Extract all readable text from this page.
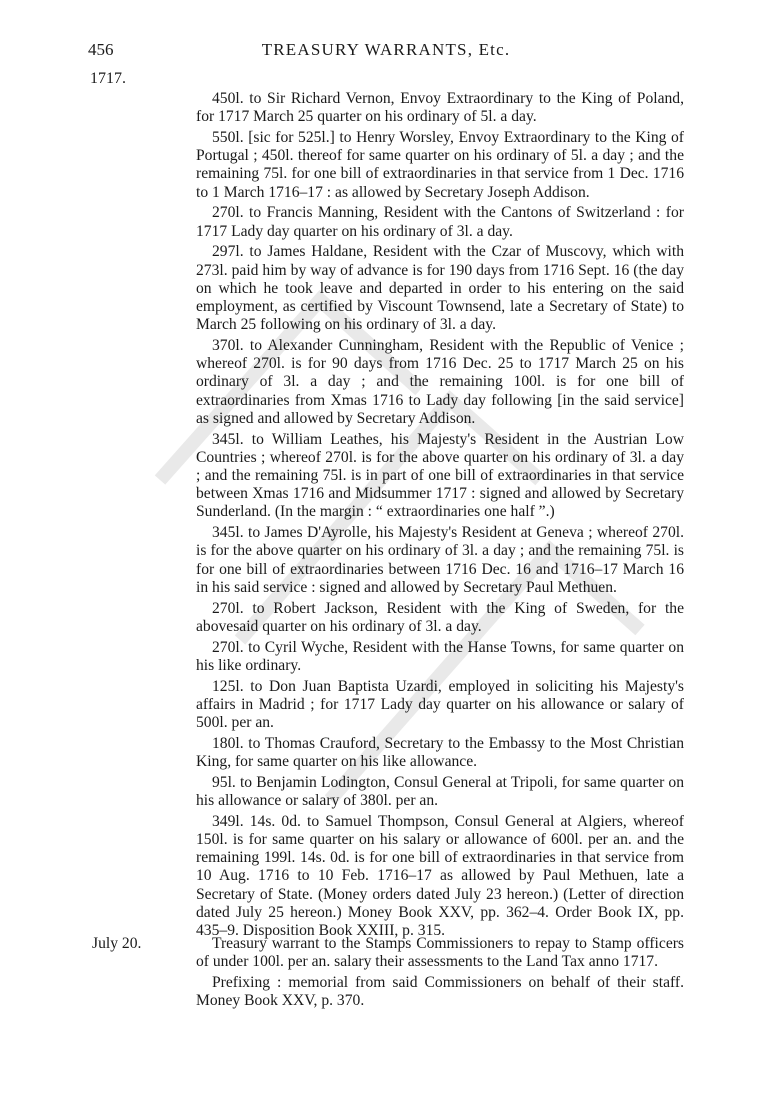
456	TREASURY WARRANTS, Etc.
1717.

450l. to Sir Richard Vernon, Envoy Extraordinary to the King of Poland, for 1717 March 25 quarter on his ordinary of 5l. a day.

550l. [sic for 525l.] to Henry Worsley, Envoy Extraordinary to the King of Portugal ; 450l. thereof for same quarter on his ordinary of 5l. a day ; and the remaining 75l. for one bill of extraordinaries in that service from 1 Dec. 1716 to 1 March 1716–17 : as allowed by Secretary Joseph Addison.

270l. to Francis Manning, Resident with the Cantons of Switzerland : for 1717 Lady day quarter on his ordinary of 3l. a day.

297l. to James Haldane, Resident with the Czar of Muscovy, which with 273l. paid him by way of advance is for 190 days from 1716 Sept. 16 (the day on which he took leave and departed in order to his entering on the said employment, as certified by Viscount Townsend, late a Secretary of State) to March 25 following on his ordinary of 3l. a day.

370l. to Alexander Cunningham, Resident with the Republic of Venice ; whereof 270l. is for 90 days from 1716 Dec. 25 to 1717 March 25 on his ordinary of 3l. a day ; and the remaining 100l. is for one bill of extraordinaries from Xmas 1716 to Lady day following [in the said service] as signed and allowed by Secretary Addison.

345l. to William Leathes, his Majesty's Resident in the Austrian Low Countries ; whereof 270l. is for the above quarter on his ordinary of 3l. a day ; and the remaining 75l. is in part of one bill of extraordinaries in that service between Xmas 1716 and Midsummer 1717 : signed and allowed by Secretary Sunderland. (In the margin : “ extraordinaries one half ”.)

345l. to James D'Ayrolle, his Majesty's Resident at Geneva ; whereof 270l. is for the above quarter on his ordinary of 3l. a day ; and the remaining 75l. is for one bill of extraordinaries between 1716 Dec. 16 and 1716–17 March 16 in his said service : signed and allowed by Secretary Paul Methuen.

270l. to Robert Jackson, Resident with the King of Sweden, for the abovesaid quarter on his ordinary of 3l. a day.

270l. to Cyril Wyche, Resident with the Hanse Towns, for same quarter on his like ordinary.

125l. to Don Juan Baptista Uzardi, employed in soliciting his Majesty's affairs in Madrid ; for 1717 Lady day quarter on his allowance or salary of 500l. per an.

180l. to Thomas Crauford, Secretary to the Embassy to the Most Christian King, for same quarter on his like allowance.

95l. to Benjamin Lodington, Consul General at Tripoli, for same quarter on his allowance or salary of 380l. per an.

349l. 14s. 0d. to Samuel Thompson, Consul General at Algiers, whereof 150l. is for same quarter on his salary or allowance of 600l. per an. and the remaining 199l. 14s. 0d. is for one bill of extraordinaries in that service from 10 Aug. 1716 to 10 Feb. 1716–17 as allowed by Paul Methuen, late a Secretary of State. (Money orders dated July 23 hereon.) (Letter of direction dated July 25 hereon.) Money Book XXV, pp. 362–4. Order Book IX, pp. 435–9. Disposition Book XXIII, p. 315.

July 20.	Treasury warrant to the Stamps Commissioners to repay to Stamp officers of under 100l. per an. salary their assessments to the Land Tax anno 1717.

Prefixing : memorial from said Commissioners on behalf of their staff. Money Book XXV, p. 370.
